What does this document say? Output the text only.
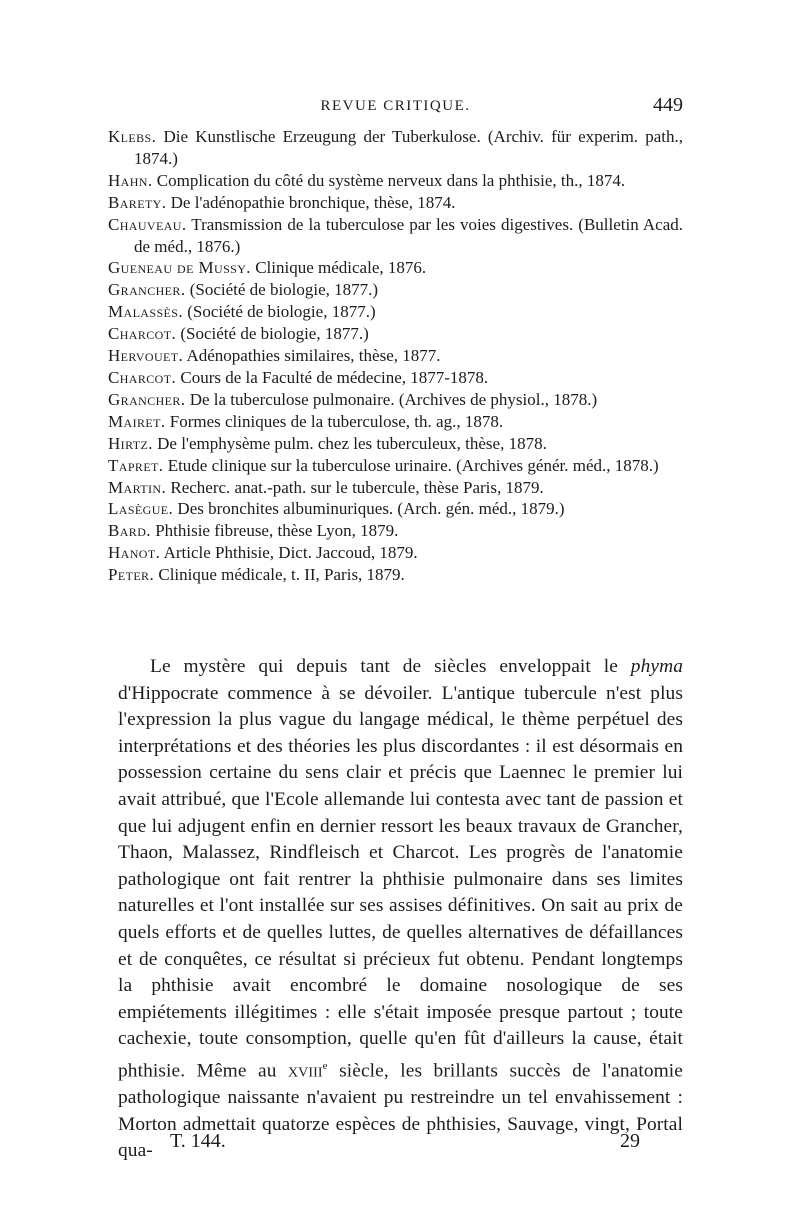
REVUE CRITIQUE.	449
Klebs. Die Kunstlische Erzeugung der Tuberkulose. (Archiv. für experim. path., 1874.)
Hahn. Complication du côté du système nerveux dans la phthisie, th., 1874.
Barety. De l'adénopathie bronchique, thèse, 1874.
Chauveau. Transmission de la tuberculose par les voies digestives. (Bulletin Acad. de méd., 1876.)
Gueneau de Mussy. Clinique médicale, 1876.
Grancher. (Société de biologie, 1877.)
Malassès. (Société de biologie, 1877.)
Charcot. (Société de biologie, 1877.)
Hervouet. Adénopathies similaires, thèse, 1877.
Charcot. Cours de la Faculté de médecine, 1877-1878.
Grancher. De la tuberculose pulmonaire. (Archives de physiol., 1878.)
Mairet. Formes cliniques de la tuberculose, th. ag., 1878.
Hirtz. De l'emphysème pulm. chez les tuberculeux, thèse, 1878.
Tapret. Etude clinique sur la tuberculose urinaire. (Archives génér. méd., 1878.)
Martin. Recherc. anat.-path. sur le tubercule, thèse Paris, 1879.
Lasègue. Des bronchites albuminuriques. (Arch. gén. méd., 1879.)
Bard. Phthisie fibreuse, thèse Lyon, 1879.
Hanot. Article Phthisie, Dict. Jaccoud, 1879.
Peter. Clinique médicale, t. II, Paris, 1879.

Le mystère qui depuis tant de siècles enveloppait le phyma d'Hippocrate commence à se dévoiler. L'antique tubercule n'est plus l'expression la plus vague du langage médical, le thème perpétuel des interprétations et des théories les plus discordantes : il est désormais en possession certaine du sens clair et précis que Laennec le premier lui avait attribué, que l'Ecole allemande lui contesta avec tant de passion et que lui adjugent enfin en dernier ressort les beaux travaux de Grancher, Thaon, Malassez, Rindfleisch et Charcot. Les progrès de l'anatomie pathologique ont fait rentrer la phthisie pulmonaire dans ses limites naturelles et l'ont installée sur ses assises définitives. On sait au prix de quels efforts et de quelles luttes, de quelles alternatives de défaillances et de conquêtes, ce résultat si précieux fut obtenu. Pendant longtemps la phthisie avait encombré le domaine nosologique de ses empiétements illégitimes : elle s'était imposée presque partout ; toute cachexie, toute consomption, quelle qu'en fût d'ailleurs la cause, était phthisie. Même au xviii$^e$ siècle, les brillants succès de l'anatomie pathologique naissante n'avaient pu restreindre un tel envahissement : Morton admettait quatorze espèces de phthisies, Sauvage, vingt, Portal qua- T. 144.	29
